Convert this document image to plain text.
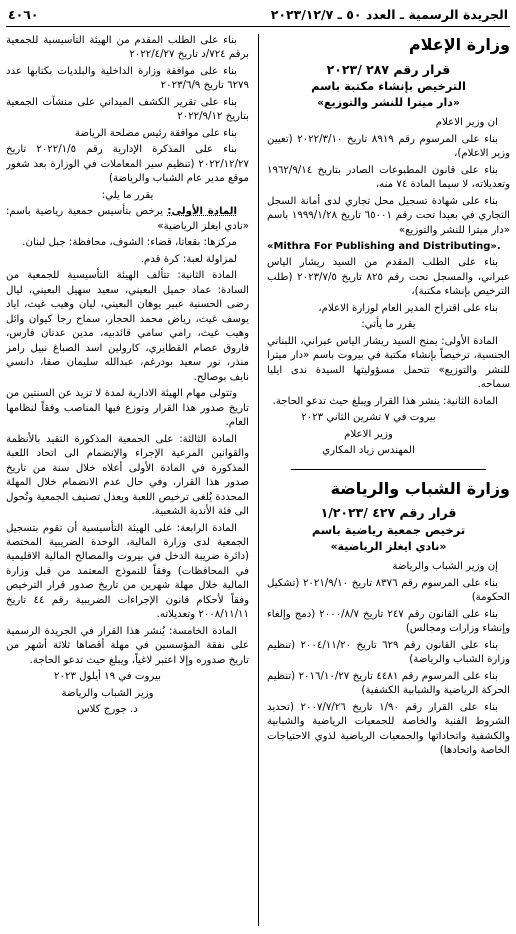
الجريدة الرسمية ـ العدد ٥٠ ـ ٢٠٢٣/١٢/٧
٤٠٦٠
وزارة الإعلام
قرار رقم ٢٨٧ /٢٠٢٣
الترخيص بإنشاء مكتبة باسم
«دار ميترا للنشر والتوزيع»

ان وزير الاعلام

بناء على المرسوم رقم ٨٩١٩ تاريخ ٢٠٢٢/٣/١٠ (تعيين وزير الاعلام)،

بناء على قانون المطبوعات الصادر بتاريخ ١٩٦٢/٩/١٤ وتعديلاته، لا سيما المادة ٧٤ منه،

بناء على شهادة تسجيل محل تجاري لدى أمانة السجل التجاري في بعبدا تحت رقم ٦٥٠٠١ تاريخ ١٩٩٩/١/٢٨ باسم «دار ميترا للنشر والتوزيع»

«Mithra For Publishing and Distributing».

بناء على الطلب المقدم من السيد ريشار الياس عبراني، والمسجل تحت رقم ٨٢٥ تاريخ ٢٠٢٣/٧/٥ (طلب الترخيص بإنشاء مكتبة)،

بناء على اقتراح المدير العام لوزارة الاعلام،

يقرر ما يأتي:

المادة الأولى: يمنح السيد ريشار الياس عبراني، اللبناني الجنسية، ترخيصاً بإنشاء مكتبة في بيروت باسم «دار ميترا للنشر والتوزيع» تتحمل مسؤوليتها السيدة ندى ايليا سماحه.

المادة الثانية: ينشر هذا القرار ويبلغ حيث تدعو الحاجة.

بيروت في ٧ تشرين الثاني ٢٠٢٣
وزير الاعلام
المهندس زياد المكاري
وزارة الشباب والرياضة
قرار رقم ٤٢٧ /١/٢٠٢٣
ترخيص جمعية رياضية باسم
«نادي ايغلز الرياضية»

إن وزير الشباب والرياضة

بناء على المرسوم رقم ٨٣٧٦ تاريخ ٢٠٢١/٩/١٠ (تشكيل الحكومة)

بناء على القانون رقم ٢٤٧ تاريخ ٢٠٠٠/٨/٧ (دمج وإلغاء وإنشاء وزارات ومجالس)

بناء على القانون رقم ٦٢٩ تاريخ ٢٠٠٤/١١/٢٠ (تنظيم وزارة الشباب والرياضة)

بناء على المرسوم رقم ٤٤٨١ تاريخ ٢٠١٦/١٠/٢٧ (تنظيم الحركة الرياضية والشبابية الكشفية)

بناء على القرار رقم ١/٩٠ تاريخ ٢٠٠٧/٧/٢٦ (تحديد الشروط الفنية والخاصة للجمعيات الرياضية والشبابية والكشفية واتحاداتها والجمعيات الرياضية لذوي الاحتياجات الخاصة واتحادها)

بناء على الطلب المقدم من الهيئة التأسيسية للجمعية برقم ٧٢٤/د تاريخ ٢٠٢٢/٤/٢٧

بناء على موافقة وزارة الداخلية والبلديات بكتابها عدد ٦٢٧٩ تاريخ ٢٠٢٣/٦/٩

بناء على تقرير الكشف الميداني على منشآت الجمعية بتاريخ ٢٠٢٢/٩/١٢

بناء على موافقة رئيس مصلحة الرياضة

بناء على المذكرة الإدارية رقم ٢٠٢٢/١/٥ تاريخ ٢٠٢٢/١٢/٢٧ (تنظيم سير المعاملات في الوزارة بعد شغور موقع مدير عام الشباب والرياضة)

يقرر ما يلي:

المادة الأولى: يرخص بتأسيس جمعية رياضية باسم: «نادي ايغلز الرياضية»

مركزها: بقعاتا، قضاء: الشوف، محافظة: جبل لبنان.

لمزاولة لعبة: كرة قدم.

المادة الثانية: تتألف الهيئة التأسيسية للجمعية من السادة: عماد جميل البعيني، سعيد سهيل البعيني، ليال رضى الحسنية عبير يوهان البعيني، ليان وهيب غيث، اياد يوسف غيث، رياض محمد الحجار، سماح رجا كيوان وائل وهيب غيث، رامي سامي قائدبيه، مدين عدنان فارس، فاروق عصام القطايري، كارولين اسد الصباغ نبيل رامز منذر، نور سعيد بودرغم، عبدالله سليمان صفا، دانسي نايف بوصالح.

وتتولى مهام الهيئة الادارية لمدة لا تزيد عن السنتين من تاريخ صدور هذا القرار وتوزع فيها المناصب وفقاً لنظامها العام.

المادة الثالثة: على الجمعية المذكورة التقيد بالأنظمة والقوانين المرعية الإجراء والإنضمام الى اتحاد اللعبة المذكورة في المادة الأولى أعلاه خلال سنة من تاريخ صدور هذا القرار، وفي حال عدم الانضمام خلال المهلة المحددة يُلغى ترخيص اللعبة ويعدل تصنيف الجمعية وتُحول الى فئة الأندية الشعبية.

المادة الرابعة: على الهيئة التأسيسية أن تقوم بتسجيل الجمعية لدى وزارة المالية، الوحدة الضريبية المختصة (دائرة ضريبة الدخل في بيروت والمصالح المالية الاقليمية في المحافظات) وفقاً للنموذج المعتمد من قبل وزارة المالية خلال مهلة شهرين من تاريخ صدور قرار الترخيص وفقاً لأحكام قانون الإجراءات الضريبية رقم ٤٤ تاريخ ٢٠٠٨/١١/١١ وتعديلاته.

المادة الخامسة: يُنشر هذا القرار في الجريدة الرسمية على نفقة المؤسسين في مهلة أقصاها ثلاثة أشهر من تاريخ صدوره وإلا اعتبر لاغياً، ويبلغ حيث تدعو الحاجة.

بيروت في ١٩ أيلول ٢٠٢٣
وزير الشباب والرياضة
د. جورج كلاس
